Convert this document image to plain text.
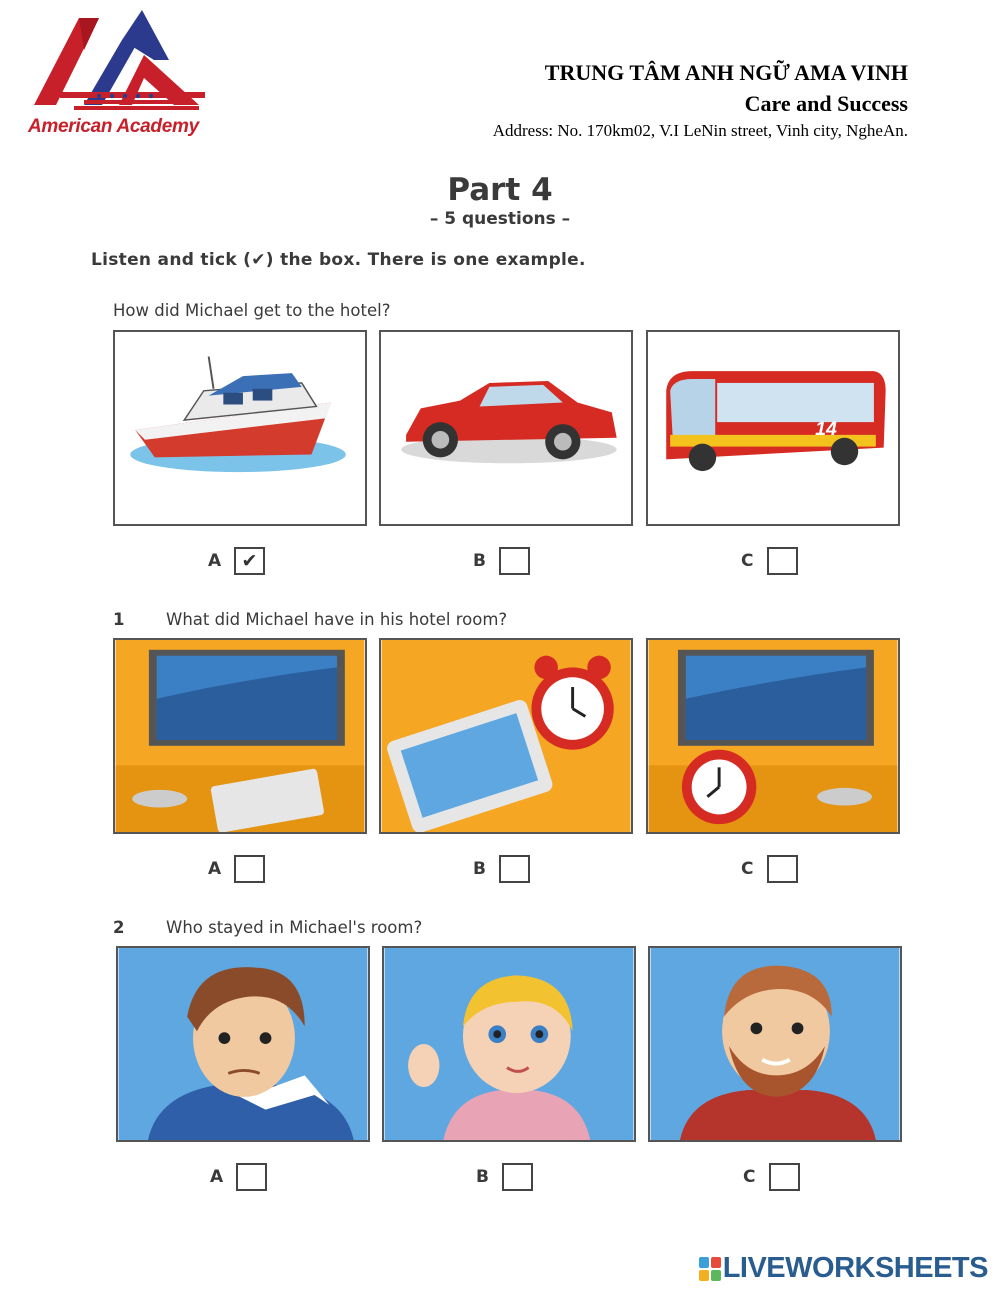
American Academy
TRUNG TÂM ANH NGỮ AMA VINH
Care and Success
Address: No. 170km02, V.I LeNin street, Vinh city, NgheAn.
Part 4
– 5 questions –
Listen and tick (✔) the box. There is one example.
How did Michael get to the hotel?
14
A	✔	B	C
1	What did Michael have in his hotel room?
A	B	C
2	Who stayed in Michael's room?
A	B	C
LIVEWORKSHEETS
